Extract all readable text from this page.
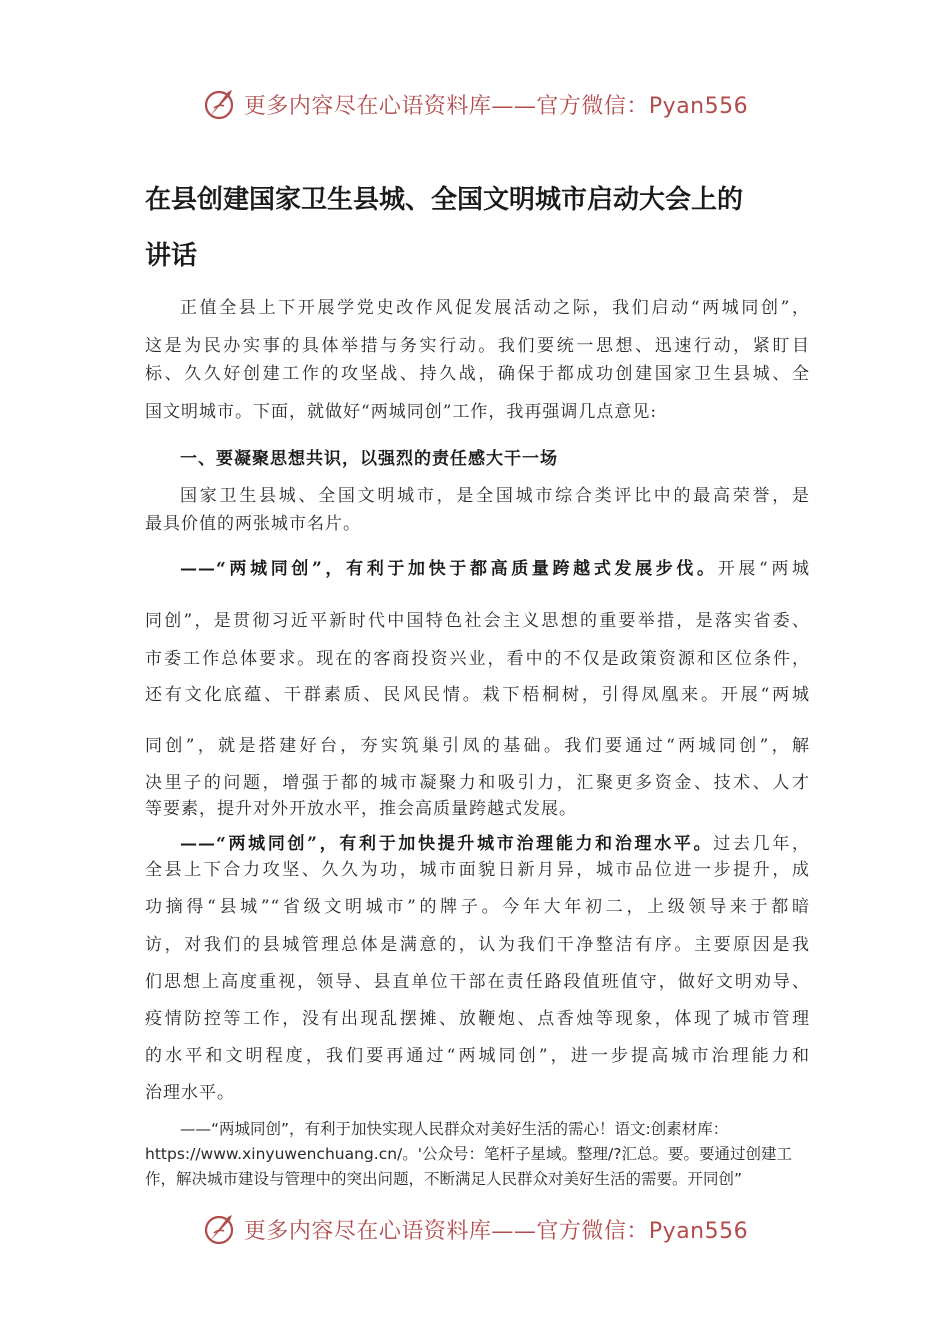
更多内容尽在心语资料库——官方微信：Pyan556
在县创建国家卫生县城、全国文明城市启动大会上的
讲话

正值全县上下开展学党史改作风促发展活动之际，我们启动“两城同创”，

这是为民办实事的具体举措与务实行动。我们要统一思想、迅速行动，紧盯目

标、久久好创建工作的攻坚战、持久战，确保于都成功创建国家卫生县城、全

国文明城市。下面，就做好“两城同创”工作，我再强调几点意见:

一、要凝聚思想共识，以强烈的责任感大干一场

国家卫生县城、全国文明城市，是全国城市综合类评比中的最高荣誉，是

最具价值的两张城市名片。

——“两城同创”，有利于加快于都高质量跨越式发展步伐。开展“两城

同创”，是贯彻习近平新时代中国特色社会主义思想的重要举措，是落实省委、

市委工作总体要求。现在的客商投资兴业，看中的不仅是政策资源和区位条件，

还有文化底蕴、干群素质、民风民情。栽下梧桐树，引得凤凰来。开展“两城

同创”，就是搭建好台，夯实筑巢引凤的基础。我们要通过“两城同创”，解

决里子的问题，增强于都的城市凝聚力和吸引力，汇聚更多资金、技术、人才

等要素，提升对外开放水平，推会高质量跨越式发展。

——“两城同创”，有利于加快提升城市治理能力和治理水平。过去几年，

全县上下合力攻坚、久久为功，城市面貌日新月异，城市品位进一步提升，成

功摘得“县城”“省级文明城市”的牌子。今年大年初二，上级领导来于都暗

访，对我们的县城管理总体是满意的，认为我们干净整洁有序。主要原因是我

们思想上高度重视，领导、县直单位干部在责任路段值班值守，做好文明劝导、

疫情防控等工作，没有出现乱摆摊、放鞭炮、点香烛等现象，体现了城市管理

的水平和文明程度，我们要再通过“两城同创”，进一步提高城市治理能力和

治理水平。

——“两城同创”，有利于加快实现人民群众对美好生活的需心！语文:创素材库：

https://www.xinyuwenchuang.cn/。'公众号：笔杆子星域。整理/?汇总。要。要通过创建工

作，解决城市建设与管理中的突出问题，不断满足人民群众对美好生活的需要。开同创”

更多内容尽在心语资料库——官方微信：Pyan556
